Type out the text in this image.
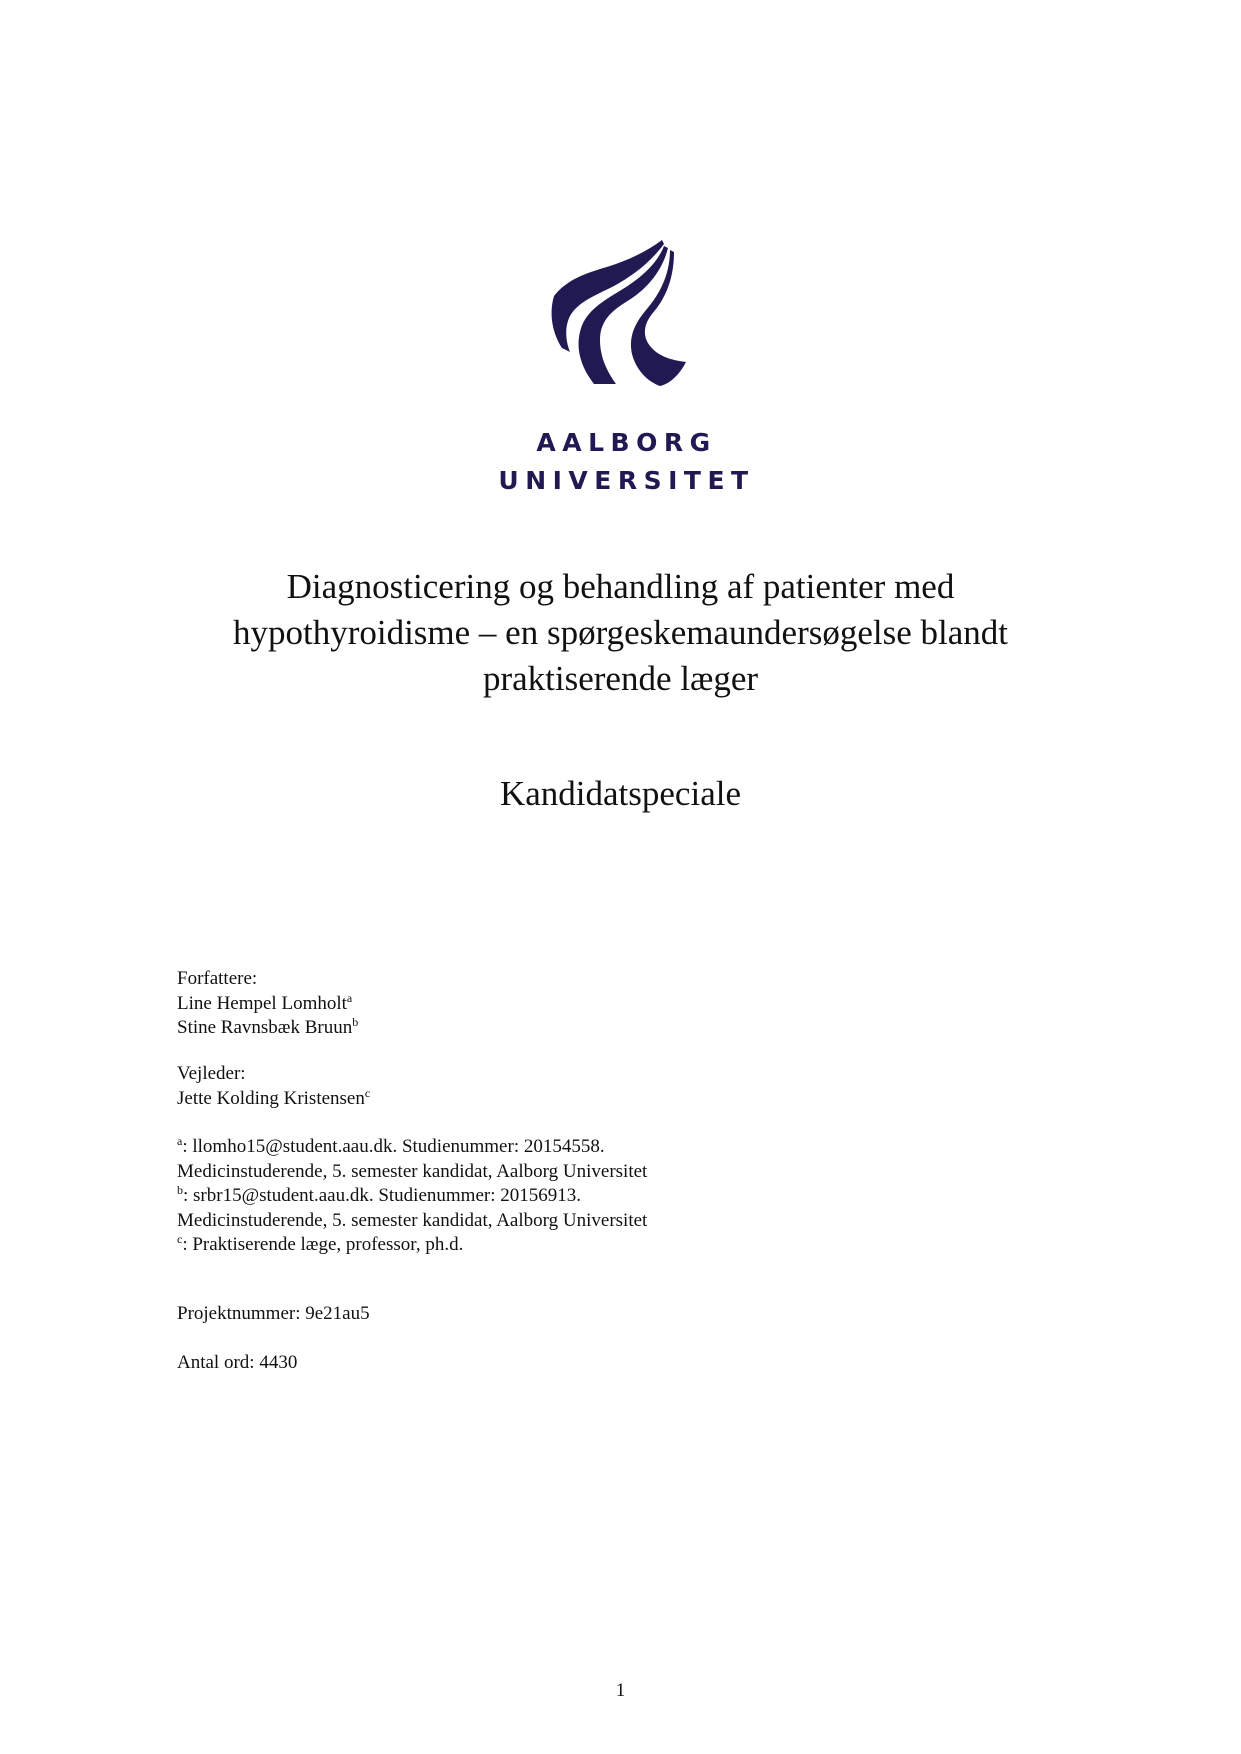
AALBORG
UNIVERSITET
Diagnosticering og behandling af patienter med
hypothyroidisme – en spørgeskemaundersøgelse blandt
praktiserende læger
Kandidatspeciale
Forfattere:
Line Hempel Lomholt$^a$
Stine Ravnsbæk Bruun$^b$
Vejleder:
Jette Kolding Kristensen$^c$
$^a$: llomho15@student.aau.dk. Studienummer: 20154558.
Medicinstuderende, 5. semester kandidat, Aalborg Universitet
$^b$: srbr15@student.aau.dk. Studienummer: 20156913.
Medicinstuderende, 5. semester kandidat, Aalborg Universitet
$^c$: Praktiserende læge, professor, ph.d.
Projektnummer: 9e21au5
Antal ord: 4430
1
